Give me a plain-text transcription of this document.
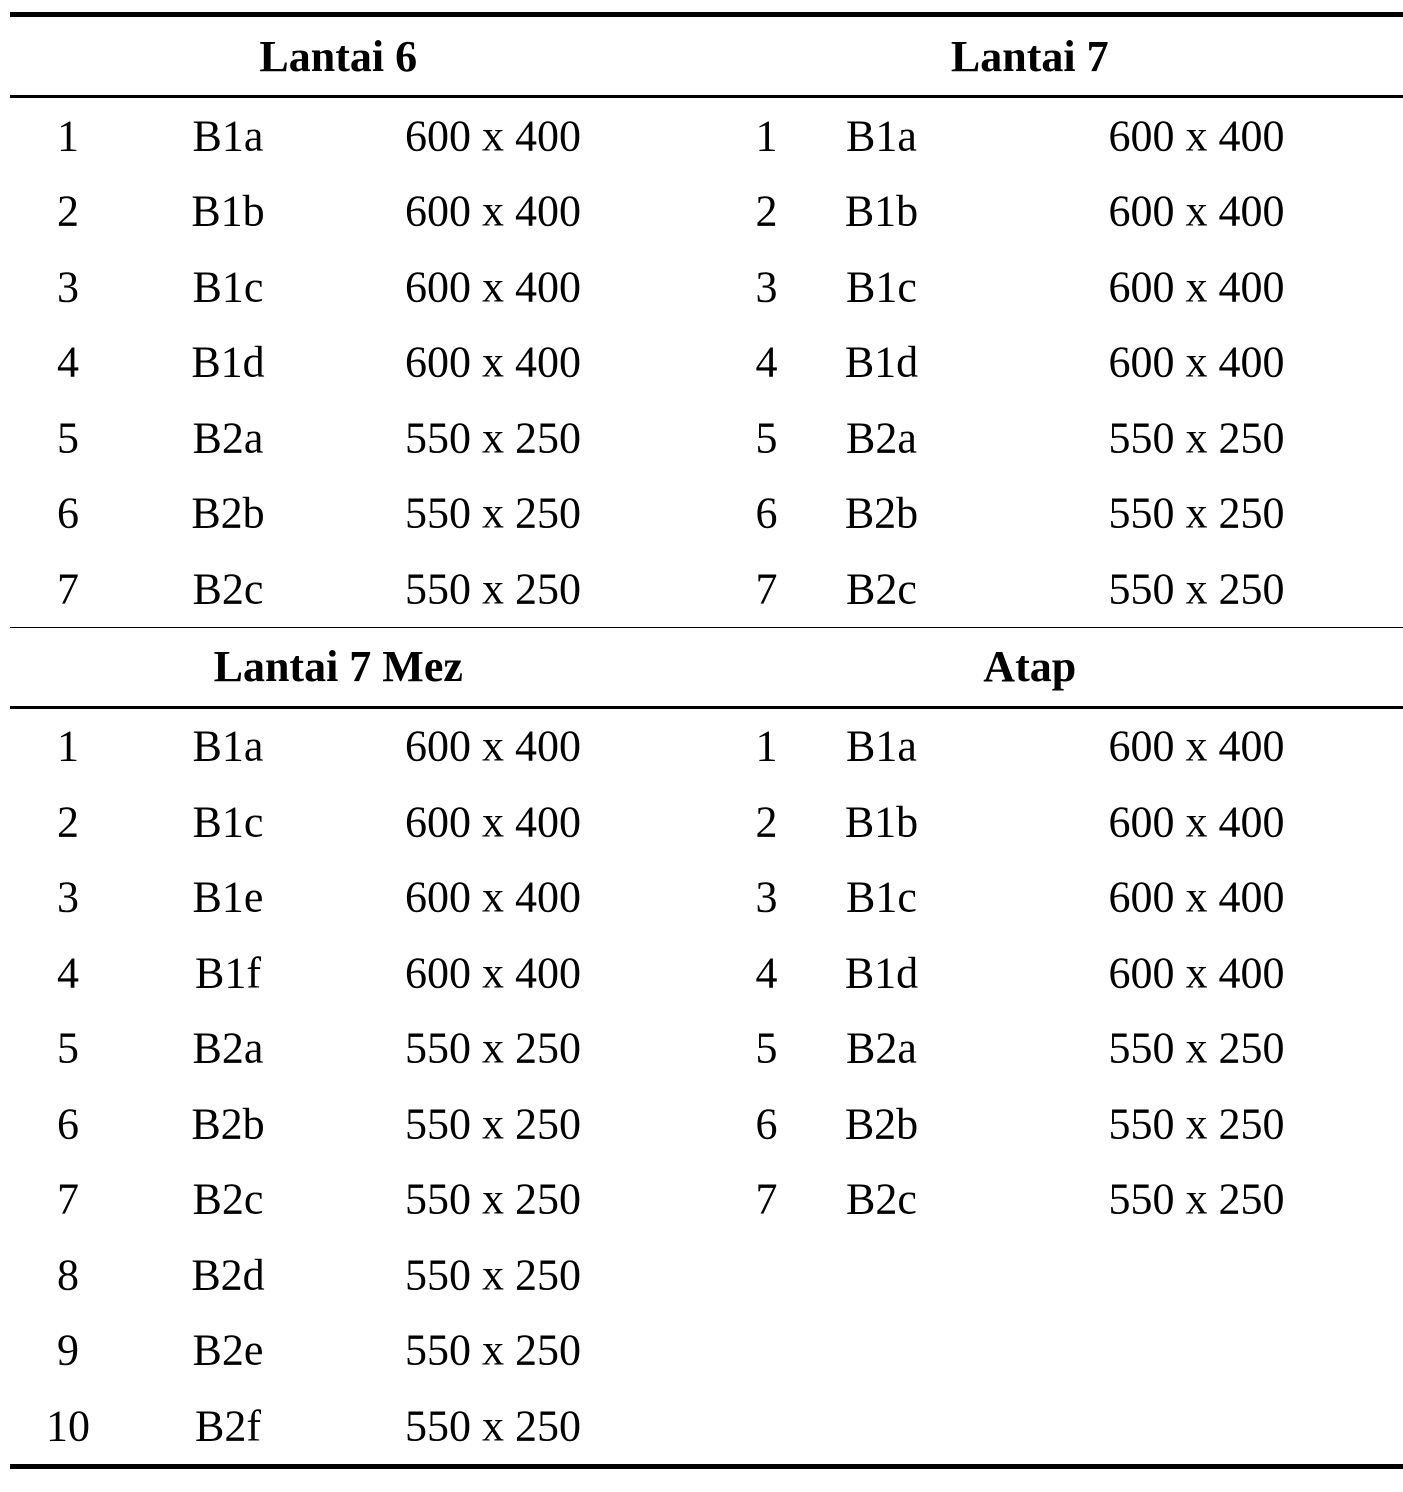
Lantai 6	Lantai 7
1	B1a	600 x 400
2	B1b	600 x 400
3	B1c	600 x 400
4	B1d	600 x 400
5	B2a	550 x 250
6	B2b	550 x 250
7	B2c	550 x 250
1 B1a	600 x 400
2 B1b	600 x 400
3 B1c	600 x 400
4 B1d	600 x 400
5 B2a	550 x 250
6 B2b	550 x 250
7 B2c	550 x 250
Lantai 7 Mez	Atap
1	B1a	600 x 400
2	B1c	600 x 400
3	B1e	600 x 400
4	B1f	600 x 400
5	B2a	550 x 250
6	B2b	550 x 250
7	B2c	550 x 250
8	B2d	550 x 250
9	B2e	550 x 250
10 B2f	550 x 250
1 B1a	600 x 400
2 B1b	600 x 400
3 B1c	600 x 400
4 B1d	600 x 400
5 B2a	550 x 250
6 B2b	550 x 250
7 B2c	550 x 250
